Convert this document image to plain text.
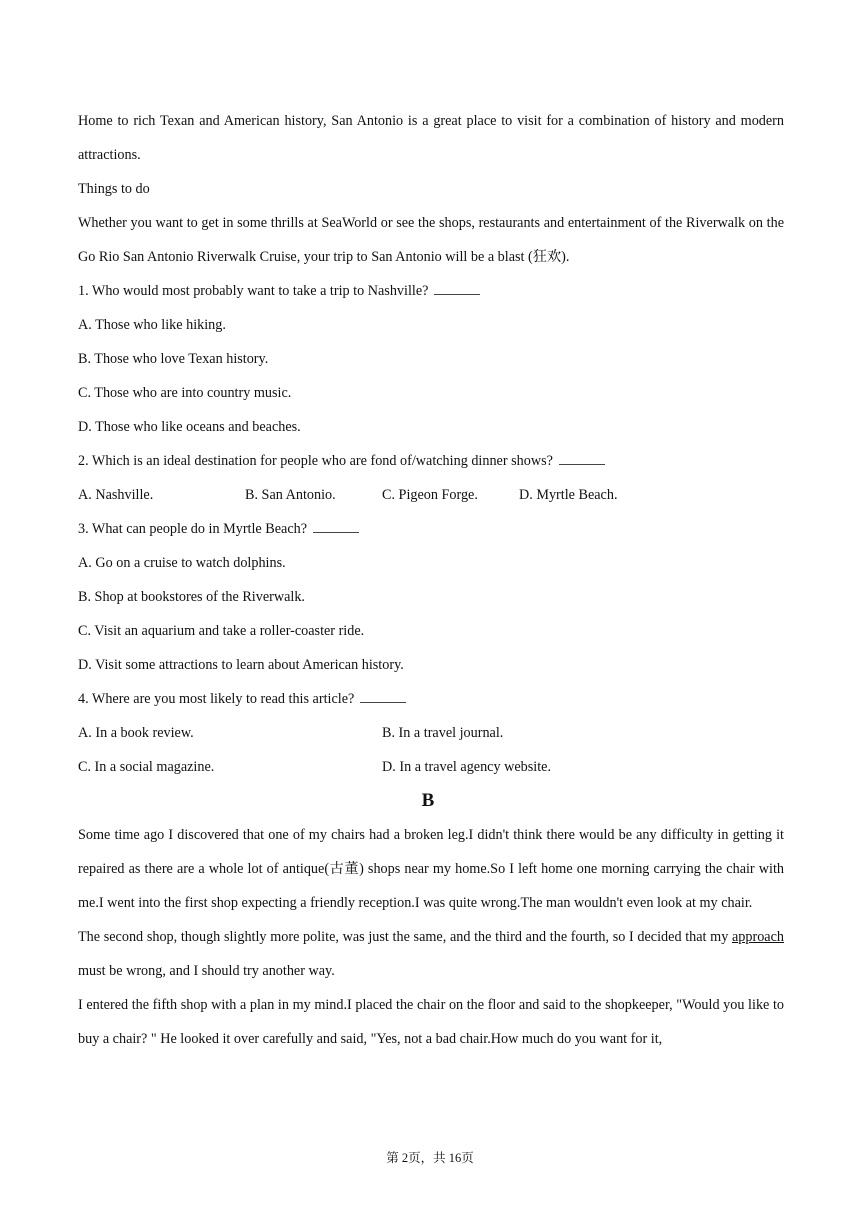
Home to rich Texan and American history, San Antonio is a great place to visit for a combination of history and modern attractions.
Things to do
Whether you want to get in some thrills at SeaWorld or see the shops, restaurants and entertainment of the Riverwalk on the Go Rio San Antonio Riverwalk Cruise, your trip to San Antonio will be a blast (狂欢).
1. Who would most probably want to take a trip to Nashville?
A. Those who like hiking.
B. Those who love Texan history.
C. Those who are into country music.
D. Those who like oceans and beaches.
2. Which is an ideal destination for people who are fond of/watching dinner shows?
A. Nashville.	B. San Antonio.	C. Pigeon Forge.	D. Myrtle Beach.
3. What can people do in Myrtle Beach?
A. Go on a cruise to watch dolphins.
B. Shop at bookstores of the Riverwalk.
C. Visit an aquarium and take a roller-coaster ride.
D. Visit some attractions to learn about American history.
4. Where are you most likely to read this article?
A. In a book review.	B. In a travel journal.
C. In a social magazine.	D. In a travel agency website.
B
Some time ago I discovered that one of my chairs had a broken leg.I didn't think there would be any difficulty in getting it repaired as there are a whole lot of antique(古董) shops near my home.So I left home one morning carrying the chair with me.I went into the first shop expecting a friendly reception.I was quite wrong.The man wouldn't even look at my chair.
The second shop, though slightly more polite, was just the same, and the third and the fourth, so I decided that my approach must be wrong, and I should try another way.
I entered the fifth shop with a plan in my mind.I placed the chair on the floor and said to the shopkeeper, "Would you like to buy a chair? " He looked it over carefully and said, "Yes, not a bad chair.How much do you want for it,
第 2页，共 16页
